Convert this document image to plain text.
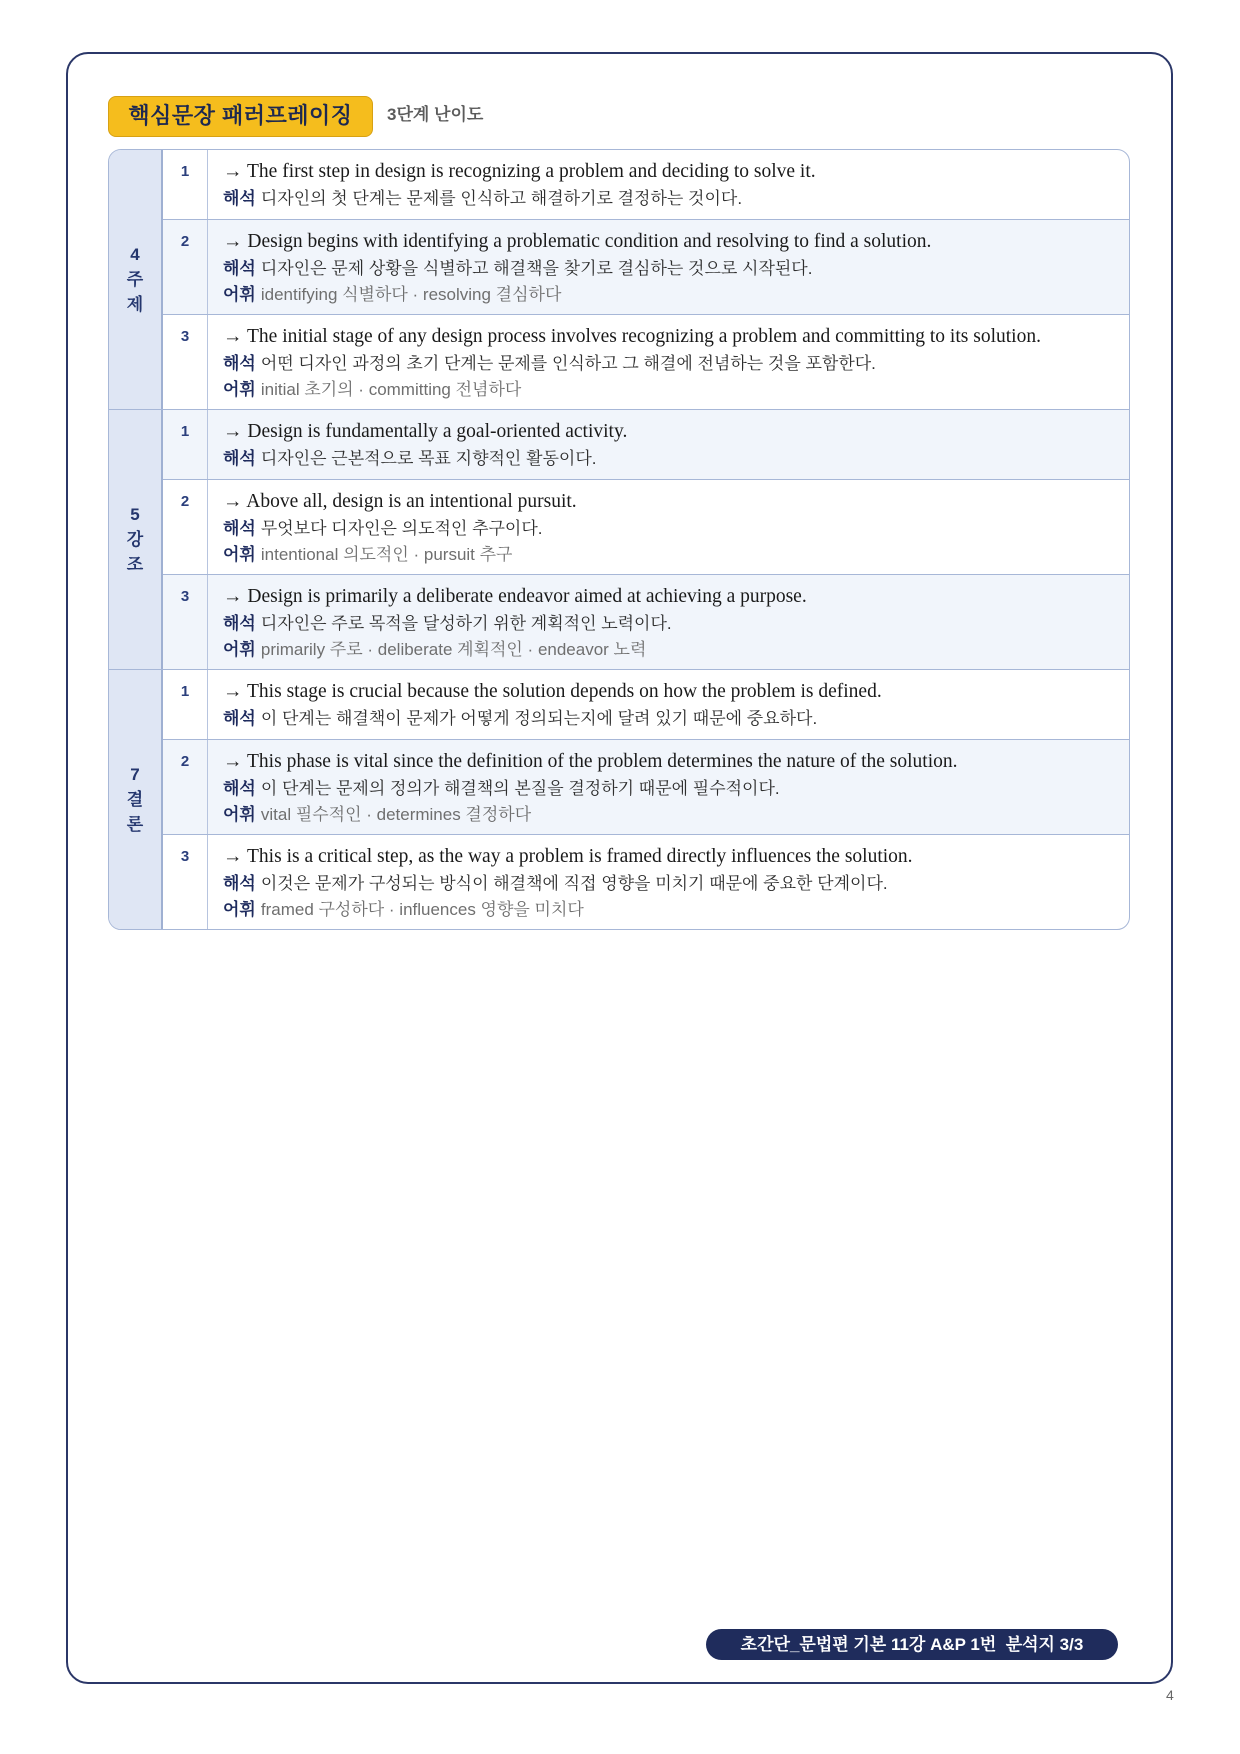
핵심문장 패러프레이징	3단계 난이도
4
주제
1	→ The first step in design is recognizing a problem and deciding to solve it.
해석 디자인의 첫 단계는 문제를 인식하고 해결하기로 결정하는 것이다.
2	→ Design begins with identifying a problematic condition and resolving to find a solution.
해석 디자인은 문제 상황을 식별하고 해결책을 찾기로 결심하는 것으로 시작된다.
어휘 identifying 식별하다 · resolving 결심하다
3	→ The initial stage of any design process involves recognizing a problem and committing to its solution.
해석 어떤 디자인 과정의 초기 단계는 문제를 인식하고 그 해결에 전념하는 것을 포함한다.
어휘 initial 초기의 · committing 전념하다
5
강조
1	→ Design is fundamentally a goal-oriented activity.
해석 디자인은 근본적으로 목표 지향적인 활동이다.
2	→ Above all, design is an intentional pursuit.
해석 무엇보다 디자인은 의도적인 추구이다.
어휘 intentional 의도적인 · pursuit 추구
3	→ Design is primarily a deliberate endeavor aimed at achieving a purpose.
해석 디자인은 주로 목적을 달성하기 위한 계획적인 노력이다.
어휘 primarily 주로 · deliberate 계획적인 · endeavor 노력
7
결론
1	→ This stage is crucial because the solution depends on how the problem is defined.
해석 이 단계는 해결책이 문제가 어떻게 정의되는지에 달려 있기 때문에 중요하다.
2	→ This phase is vital since the definition of the problem determines the nature of the solution.
해석 이 단계는 문제의 정의가 해결책의 본질을 결정하기 때문에 필수적이다.
어휘 vital 필수적인 · determines 결정하다
3	→ This is a critical step, as the way a problem is framed directly influences the solution.
해석 이것은 문제가 구성되는 방식이 해결책에 직접 영향을 미치기 때문에 중요한 단계이다.
어휘 framed 구성하다 · influences 영향을 미치다
초간단_문법편 기본 11강 A&P 1번  분석지 3/3
4
